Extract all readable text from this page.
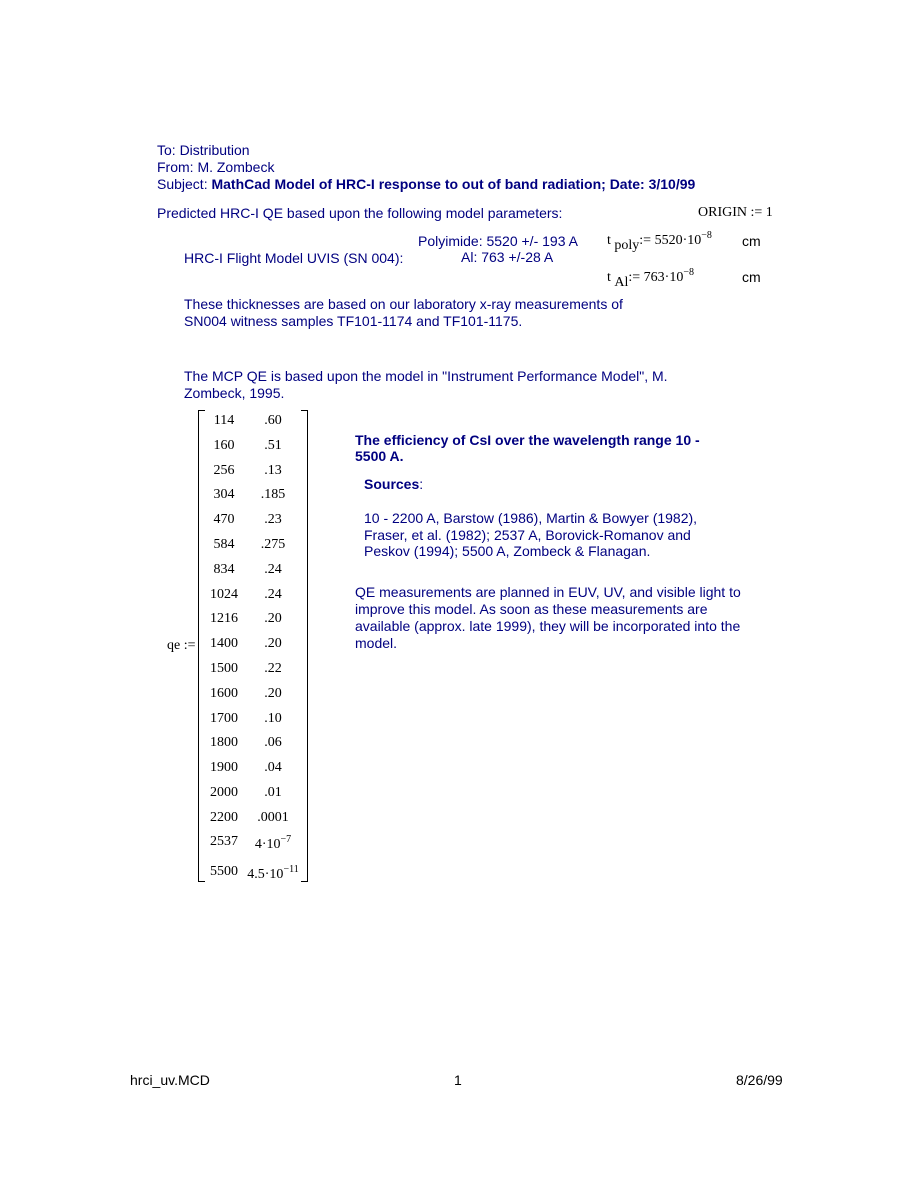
To: Distribution
From: M. Zombeck
Subject: MathCad Model of HRC-I response to out of band radiation; Date: 3/10/99
Predicted HRC-I QE based upon the following model parameters:	ORIGIN := 1
Polyimide: 5520 +/- 193 A
HRC-I Flight Model UVIS (SN 004):	Al: 763 +/-28 A
t $_{poly}$:= $5520\cdot 10^{-8}$ cm
t $_{Al}$:= $763\cdot 10^{-8}$	cm
These thicknesses are based on our laboratory x-ray measurements of
SN004 witness samples TF101-1174 and TF101-1175.
The MCP QE is based upon the model in "Instrument Performance Model", M.
Zombeck, 1995.
qe :=
114	.60
160	.51
256	.13
304	.185
470	.23
584	.275
834	.24
1024	.24
1216	.20
1400	.20
1500	.22
1600	.20
1700	.10
1800	.06
1900	.04
2000	.01
2200	.0001
2537	$4\cdot 10^{-7}$
5500 $4.5\cdot 10^{-11}$
The efficiency of CsI over the wavelength range 10 -
5500 A.
Sources:
10 - 2200 A, Barstow (1986), Martin & Bowyer (1982),
Fraser, et al. (1982); 2537 A, Borovick-Romanov and
Peskov (1994); 5500 A, Zombeck & Flanagan.
QE measurements are planned in EUV, UV, and visible light to
improve this model. As soon as these measurements are
available (approx. late 1999), they will be incorporated into the
model.
hrci_uv.MCD	1	8/26/99
